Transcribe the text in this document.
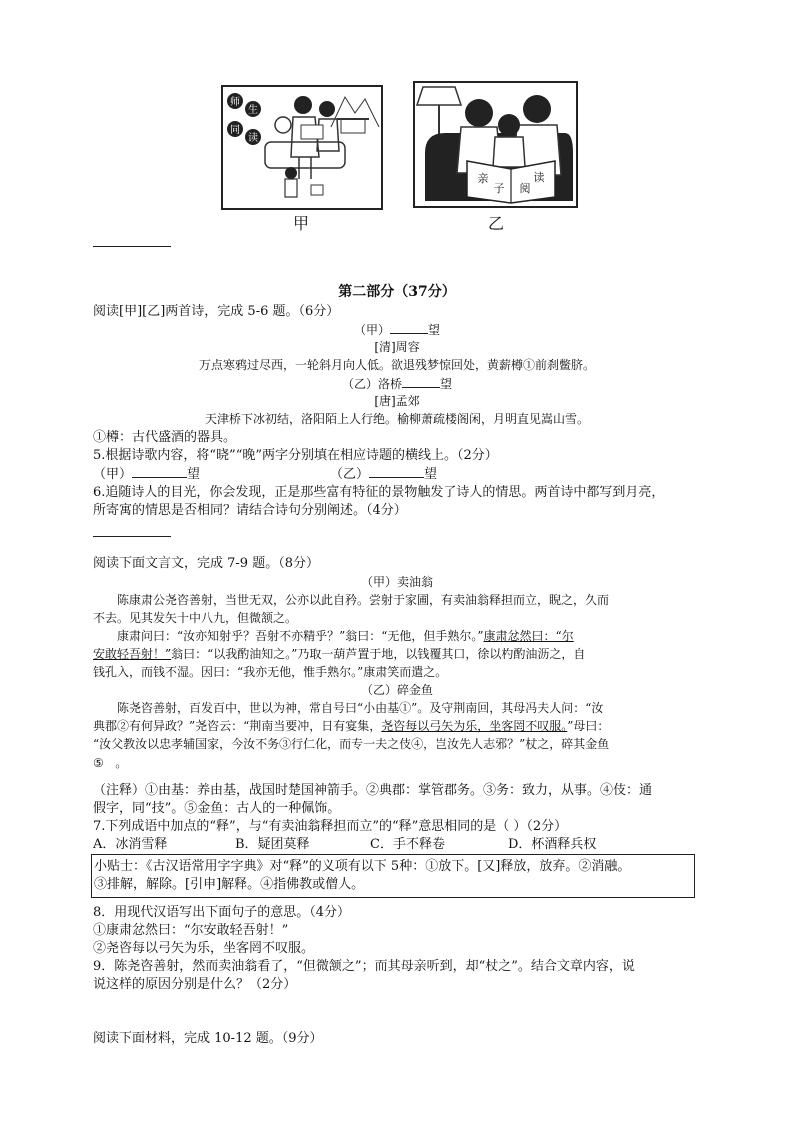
师
生
同
读
甲
亲
子 阅
读
乙
第二部分（37分）
阅读[甲][乙]两首诗，完成 5-6 题。（6分）
（甲）	望
[清]周容
万点寒鸦过尽西，一轮斜月向人低。欲退残梦惊回处，黄薪樽①前刹鳖脐。
（乙）洛桥	望
[唐]孟郊
天津桥下冰初结，洛阳陌上人行绝。榆柳萧疏楼阁闲，月明直见嵩山雪。
①樽：古代盛酒的器具。
5.根据诗歌内容，将“晓”“晚”两字分别填在相应诗题的横线上。（2分）
（甲）	望	（乙）	望
6.追随诗人的目光，你会发现，正是那些富有特征的景物触发了诗人的情思。两首诗中都写到月亮，
所寄寓的情思是否相同？请结合诗句分别阐述。（4分）
阅读下面文言文，完成 7-9 题。（8分）
（甲）卖油翁
陈康肃公尧咨善射，当世无双，公亦以此自矜。尝射于家圃，有卖油翁释担而立，睨之，久而
不去。见其发矢十中八九，但微颔之。
康肃问曰：“汝亦知射乎？吾射不亦精乎？”翁曰：“无他，但手熟尔。”康肃忿然曰：“尔
安敢轻吾射！”翁曰：“以我酌油知之。”乃取一葫芦置于地，以钱覆其口，徐以杓酌油沥之，自
钱孔入，而钱不湿。因曰：“我亦无他，惟手熟尔。”康肃笑而遣之。
（乙）碎金鱼
陈尧咨善射，百发百中，世以为神，常自号曰“小由基①”。及守荆南回，其母冯夫人问：“汝
典郡②有何异政？”尧咨云：“荆南当要冲，日有宴集，尧咨每以弓矢为乐，坐客罔不叹服。”母曰：
“汝父教汝以忠孝辅国家，今汝不务③行仁化，而专一夫之伎④，岂汝先人志邪？”杖之，碎其金鱼
⑤ 。
（注释）①由基：养由基，战国时楚国神箭手。②典郡：掌管郡务。③务：致力，从事。④伎：通
假字，同“技”。⑤金鱼：古人的一种佩饰。
7.下列成语中加点的“释”，与“有卖油翁释担而立”的“释”意思相同的是（ ）（2分）
A．冰消雪释	B．疑团莫释	C．手不释卷	D．杯酒释兵权
小贴士：《古汉语常用字字典》对“释”的义项有以下 5种：①放下。[又]释放，放弃。②消融。
③排解，解除。[引申]解释。④指佛教或僧人。
8．用现代汉语写出下面句子的意思。（4分）
①康肃忿然曰：“尔安敢轻吾射！”
②尧咨每以弓矢为乐，坐客罔不叹服。
9．陈尧咨善射，然而卖油翁看了，“但微颔之”；而其母亲听到，却“杖之”。结合文章内容，说
说这样的原因分别是什么？（2分）
阅读下面材料，完成 10-12 题。（9分）
